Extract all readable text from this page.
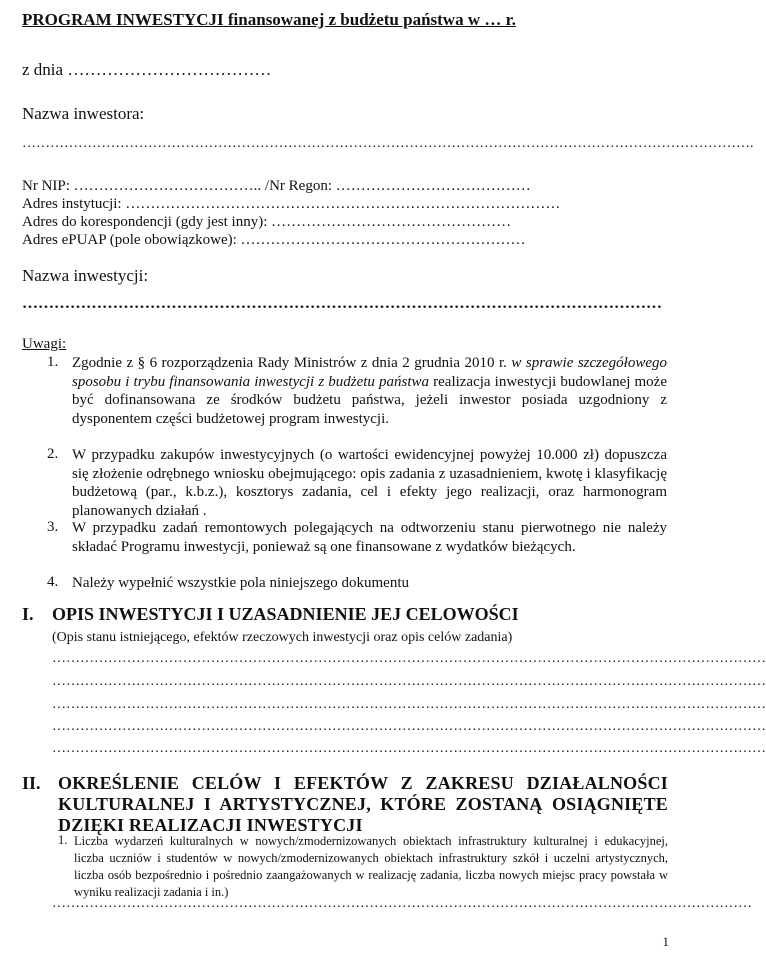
PROGRAM INWESTYCJI finansowanej z budżetu państwa w … r.
z dnia ………………………………
Nazwa inwestora:
………………………………………………………………………………………………………………………………………….
Nr NIP: ……………………………….. /Nr Regon: …………………………………
Adres instytucji: ……………………………………………………………………………
Adres do korespondencji (gdy jest inny): …………………………………………
Adres ePUAP (pole obowiązkowe): …………………………………………………
Nazwa inwestycji:
…………………………………………………………………………………………………………
Uwagi:
1. Zgodnie z § 6 rozporządzenia Rady Ministrów z dnia 2 grudnia 2010 r. w sprawie szczegółowego sposobu i trybu finansowania inwestycji z budżetu państwa realizacja inwestycji budowlanej może być dofinansowana ze środków budżetu państwa, jeżeli inwestor posiada uzgodniony z dysponentem części budżetowej program inwestycji.
2. W przypadku zakupów inwestycyjnych (o wartości ewidencyjnej powyżej 10.000 zł) dopuszcza się złożenie odrębnego wniosku obejmującego: opis zadania z uzasadnieniem, kwotę i klasyfikację budżetową (par., k.b.z.), kosztorys zadania, cel i efekty jego realizacji, oraz harmonogram planowanych działań .
3. W przypadku zadań remontowych polegających na odtworzeniu stanu pierwotnego nie należy składać Programu inwestycji, ponieważ są one finansowane z wydatków bieżących.
4. Należy wypełnić wszystkie pola niniejszego dokumentu
I. OPIS INWESTYCJI I UZASADNIENIE JEJ CELOWOŚCI
(Opis stanu istniejącego, efektów rzeczowych inwestycji oraz opis celów zadania)
………………………………………………………………………………………………………………………………………
………………………………………………………………………………………………………………………………………
………………………………………………………………………………………………………………………………………
………………………………………………………………………………………………………………………………………
………………………………………………………………………………………………………………………………………
II. OKREŚLENIE CELÓW I EFEKTÓW Z ZAKRESU DZIAŁALNOŚCI KULTURALNEJ I ARTYSTYCZNEJ, KTÓRE ZOSTANĄ OSIĄGNIĘTE DZIĘKI REALIZACJI INWESTYCJI
1. Liczba wydarzeń kulturalnych w nowych/zmodernizowanych obiektach infrastruktury kulturalnej i edukacyjnej, liczba uczniów i studentów w nowych/zmodernizowanych obiektach infrastruktury szkół i uczelni artystycznych, liczba osób bezpośrednio i pośrednio zaangażowanych w realizację zadania, liczba nowych miejsc pracy powstała w wyniku realizacji zadania i in.)
……………………………………………………………………………………………………………………………………
1
